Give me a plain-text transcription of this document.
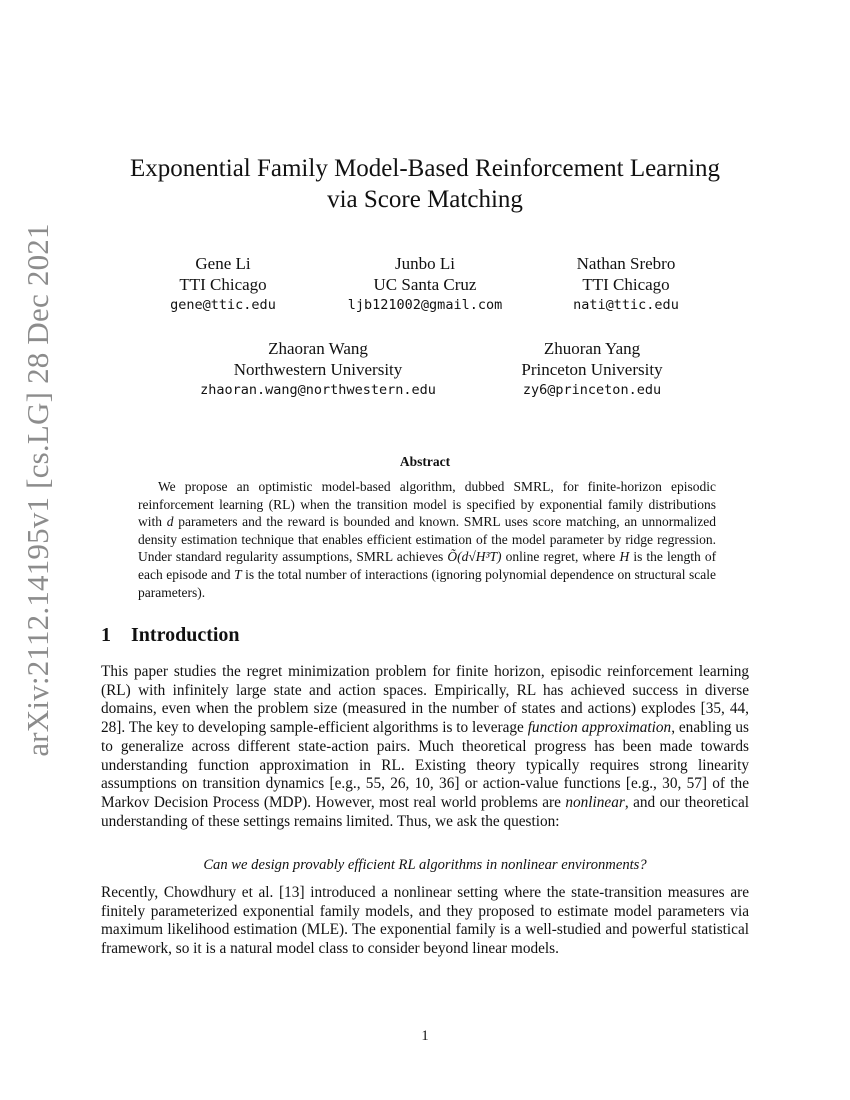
arXiv:2112.14195v1 [cs.LG] 28 Dec 2021
Exponential Family Model-Based Reinforcement Learning
via Score Matching
Gene Li
TTI Chicago
gene@ttic.edu
Junbo Li
UC Santa Cruz
ljb121002@gmail.com
Nathan Srebro
TTI Chicago
nati@ttic.edu
Zhaoran Wang
Northwestern University
zhaoran.wang@northwestern.edu
Zhuoran Yang
Princeton University
zy6@princeton.edu
Abstract

We propose an optimistic model-based algorithm, dubbed SMRL, for finite-horizon episodic reinforcement learning (RL) when the transition model is specified by exponential family distributions with d parameters and the reward is bounded and known. SMRL uses score matching, an unnormalized density estimation technique that enables efficient estimation of the model parameter by ridge regression. Under standard regularity assumptions, SMRL achieves Õ(d√H³T) online regret, where H is the length of each episode and T is the total number of interactions (ignoring polynomial dependence on structural scale parameters).

1 Introduction

This paper studies the regret minimization problem for finite horizon, episodic reinforcement learning (RL) with infinitely large state and action spaces. Empirically, RL has achieved success in diverse domains, even when the problem size (measured in the number of states and actions) explodes [35, 44, 28]. The key to developing sample-efficient algorithms is to leverage function approximation, enabling us to generalize across different state-action pairs. Much theoretical progress has been made towards understanding function approximation in RL. Existing theory typically requires strong linearity assumptions on transition dynamics [e.g., 55, 26, 10, 36] or action-value functions [e.g., 30, 57] of the Markov Decision Process (MDP). However, most real world problems are nonlinear, and our theoretical understanding of these settings remains limited. Thus, we ask the question:

Can we design provably efficient RL algorithms in nonlinear environments?

Recently, Chowdhury et al. [13] introduced a nonlinear setting where the state-transition measures are finitely parameterized exponential family models, and they proposed to estimate model parameters via maximum likelihood estimation (MLE). The exponential family is a well-studied and powerful statistical framework, so it is a natural model class to consider beyond linear models.

1
